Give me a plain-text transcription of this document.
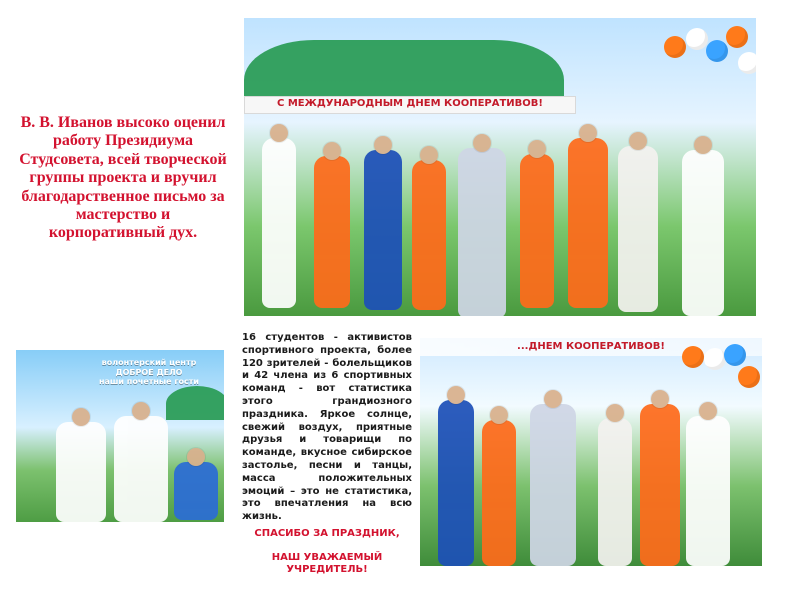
В. В. Иванов высоко оценил работу Президиума Студсовета, всей творческой группы проекта и вручил благодарственное письмо за мастерство и корпоративный дух.
С МЕЖДУНАРОДНЫМ ДНЕМ КООПЕРАТИВОВ!
волонтерский центр
ДОБРОЕ ДЕЛО
наши почетные гости
...ДНЕМ КООПЕРАТИВОВ!
16 студентов - активистов спортивного проекта, более 120 зрителей - болельщиков и 42 члена из 6 спортивных команд - вот статистика этого грандиозного праздника. Яркое солнце, свежий воздух, приятные друзья и товарищи по команде, вкусное сибирское застолье, песни и танцы, масса положительных эмоций – это не статистика, это впечатления на всю жизнь.
СПАСИБО ЗА ПРАЗДНИК,
НАШ УВАЖАЕМЫЙ
УЧРЕДИТЕЛЬ!
